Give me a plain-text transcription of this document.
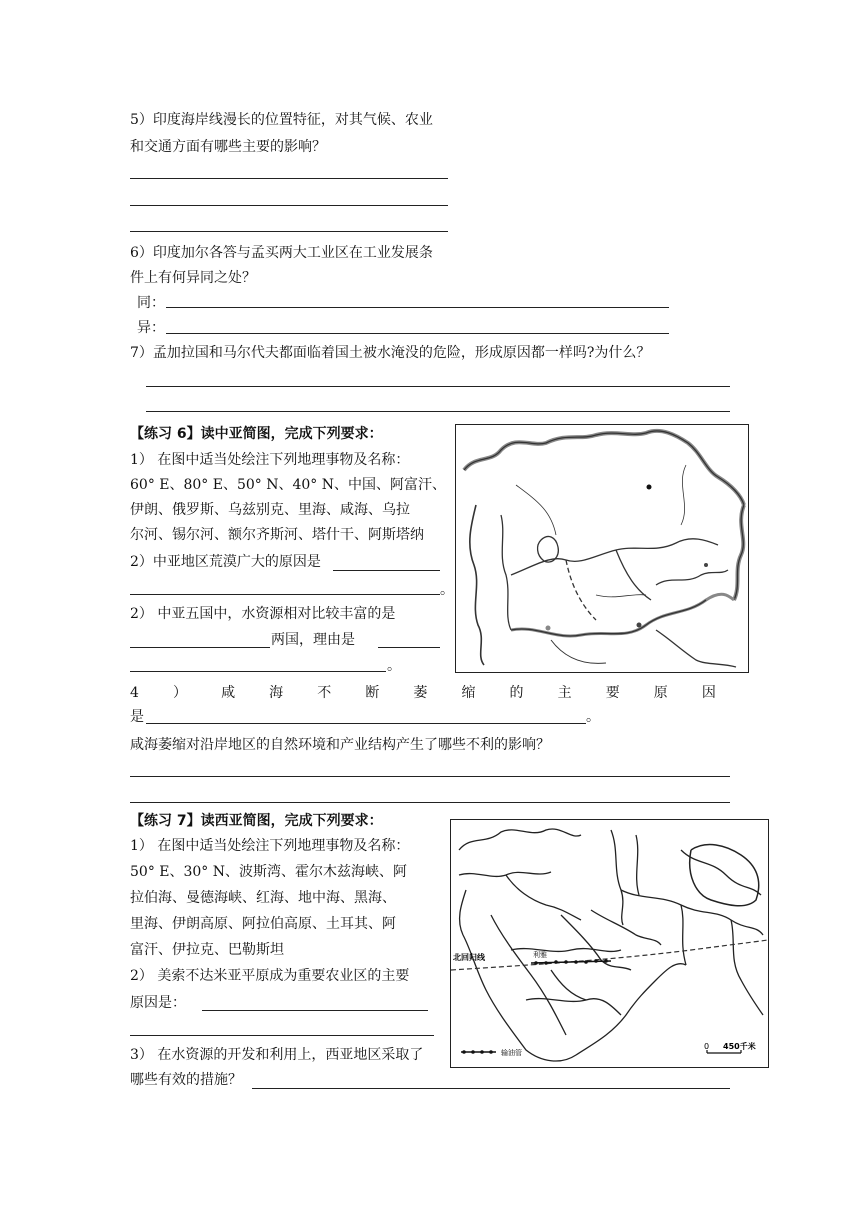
5）印度海岸线漫长的位置特征，对其气候、农业
和交通方面有哪些主要的影响？
6）印度加尔各答与孟买两大工业区在工业发展条
件上有何异同之处？
同：
异：
7）孟加拉国和马尔代夫都面临着国土被水淹没的危险，形成原因都一样吗?为什么？
【练习 6】读中亚简图，完成下列要求：
1） 在图中适当处绘注下列地理事物及名称：
60° E、80° E、50° N、40° N、中国、阿富汗、
伊朗、俄罗斯、乌兹别克、里海、咸海、乌拉
尔河、锡尔河、额尔齐斯河、塔什干、阿斯塔纳
2）中亚地区荒漠广大的原因是
。
2） 中亚五国中，水资源相对比较丰富的是
两国，理由是
。
4 ） 咸 海 不 断 萎 缩 的 主 要 原 因
是	。
咸海萎缩对沿岸地区的自然环境和产业结构产生了哪些不利的影响？
【练习 7】读西亚简图，完成下列要求：
1） 在图中适当处绘注下列地理事物及名称：
50° E、30° N、波斯湾、霍尔木兹海峡、阿
拉伯海、曼德海峡、红海、地中海、黑海、
里海、伊朗高原、阿拉伯高原、土耳其、阿
富汗、伊拉克、巴勒斯坦
2） 美索不达米亚平原成为重要农业区的主要
原因是：
3） 在水资源的开发和利用上，西亚地区采取了
哪些有效的措施？
北回归线	利雅
输油管
0 450千米
